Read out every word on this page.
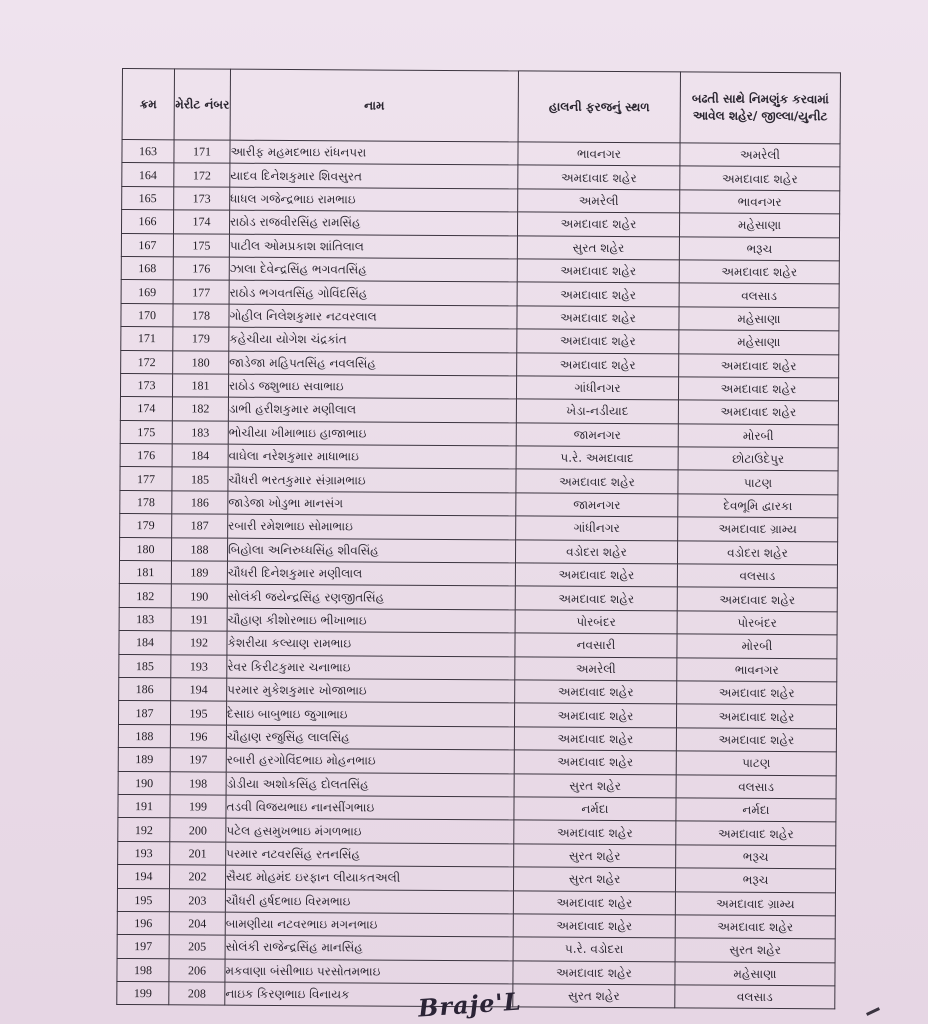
ક્રમ	મેરીટ નંબર	નામ	હાલની ફરજનું સ્થળ	બઢતી સાથે નિમણુંક કરવામાં આવેલ શહેર/ જીલ્લા/યુનીટ
163	171	આરીફ મહમદભાઇ રાંધનપરા	ભાવનગર	અમરેલી
164	172	યાદવ દિનેશકુમાર શિવસુરત	અમદાવાદ શહેર	અમદાવાદ શહેર
165	173	ધાધલ ગજેન્દ્રભાઇ રામભાઇ	અમરેલી	ભાવનગર
166	174	રાઠોડ રાજવીરસિંહ રામસિંહ	અમદાવાદ શહેર	મહેસાણા
167	175	પાટીલ ઓમપ્રકાશ શાંતિલાલ	સુરત શહેર	ભરૂચ
168	176	ઝાલા દેવેન્દ્રસિંહ ભગવતસિંહ	અમદાવાદ શહેર	અમદાવાદ શહેર
169	177	રાઠોડ ભગવતસિંહ ગોવિંદસિંહ	અમદાવાદ શહેર	વલસાડ
170	178	ગોહીલ નિલેશકુમાર નટવરલાલ	અમદાવાદ શહેર	મહેસાણા
171	179	કહેચીયા યોગેશ ચંદ્રકાંત	અમદાવાદ શહેર	મહેસાણા
172	180	જાડેજા મહિપતસિંહ નવલસિંહ	અમદાવાદ શહેર	અમદાવાદ શહેર
173	181	રાઠોડ જશુભાઇ સવાભાઇ	ગાંધીનગર	અમદાવાદ શહેર
174	182	ડાભી હરીશકુમાર મણીલાલ	ખેડા-નડીયાદ	અમદાવાદ શહેર
175	183	ભોચીયા ખીમાભાઇ હાજાભાઇ	જામનગર	મોરબી
176	184	વાઘેલા નરેશકુમાર માધાભાઇ	પ.રે. અમદાવાદ	છોટાઉદેપુર
177	185	ચૌધરી ભરતકુમાર સંગ્રામભાઇ	અમદાવાદ શહેર	પાટણ
178	186	જાડેજા ખોડુભા માનસંગ	જામનગર	દેવભૂમિ દ્વારકા
179	187	રબારી રમેશભાઇ સોમાભાઇ	ગાંધીનગર	અમદાવાદ ગ્રામ્ય
180	188	બિહોલા અનિરુધ્ધસિંહ શીવસિંહ	વડોદરા શહેર	વડોદરા શહેર
181	189	ચૌધરી દિનેશકુમાર મણીલાલ	અમદાવાદ શહેર	વલસાડ
182	190	સોલંકી જયેન્દ્રસિંહ રણજીતસિંહ	અમદાવાદ શહેર	અમદાવાદ શહેર
183	191	ચૌહાણ કીશોરભાઇ ભીખાભાઇ	પોરબંદર	પોરબંદર
184	192	કેશરીયા કલ્યાણ રામભાઇ	નવસારી	મોરબી
185	193	રેવર કિરીટકુમાર ચનાભાઇ	અમરેલી	ભાવનગર
186	194	પરમાર મુકેશકુમાર ખોજાભાઇ	અમદાવાદ શહેર	અમદાવાદ શહેર
187	195	દેસાઇ બાબુભાઇ જુગાભાઇ	અમદાવાદ શહેર	અમદાવાદ શહેર
188	196	ચૌહાણ રજુસિંહ લાલસિંહ	અમદાવાદ શહેર	અમદાવાદ શહેર
189	197	રબારી હરગોવિંદભાઇ મોહનભાઇ	અમદાવાદ શહેર	પાટણ
190	198	ડોડીયા અશોકસિંહ દોલતસિંહ	સુરત શહેર	વલસાડ
191	199	તડવી વિજયભાઇ નાનસીંગભાઇ	નર્મદા	નર્મદા
192	200	પટેલ હસમુખભાઇ મંગળભાઇ	અમદાવાદ શહેર	અમદાવાદ શહેર
193	201	પરમાર નટવરસિંહ રતનસિંહ	સુરત શહેર	ભરૂચ
194	202	સૈયદ મોહમંદ ઇરફાન લીયાકતઅલી	સુરત શહેર	ભરૂચ
195	203	ચૌધરી હર્ષદભાઇ વિરમભાઇ	અમદાવાદ શહેર	અમદાવાદ ગ્રામ્ય
196	204	બામણીયા નટવરભાઇ મગનભાઇ	અમદાવાદ શહેર	અમદાવાદ શહેર
197	205	સોલંકી રાજેન્દ્રસિંહ માનસિંહ	પ.રે. વડોદરા	સુરત શહેર
198	206	મકવાણા બંસીભાઇ પરસોતમભાઇ	અમદાવાદ શહેર	મહેસાણા
199	208	નાઇક કિરણભાઇ વિનાયક	સુરત શહેર	વલસાડ
Braje'L
